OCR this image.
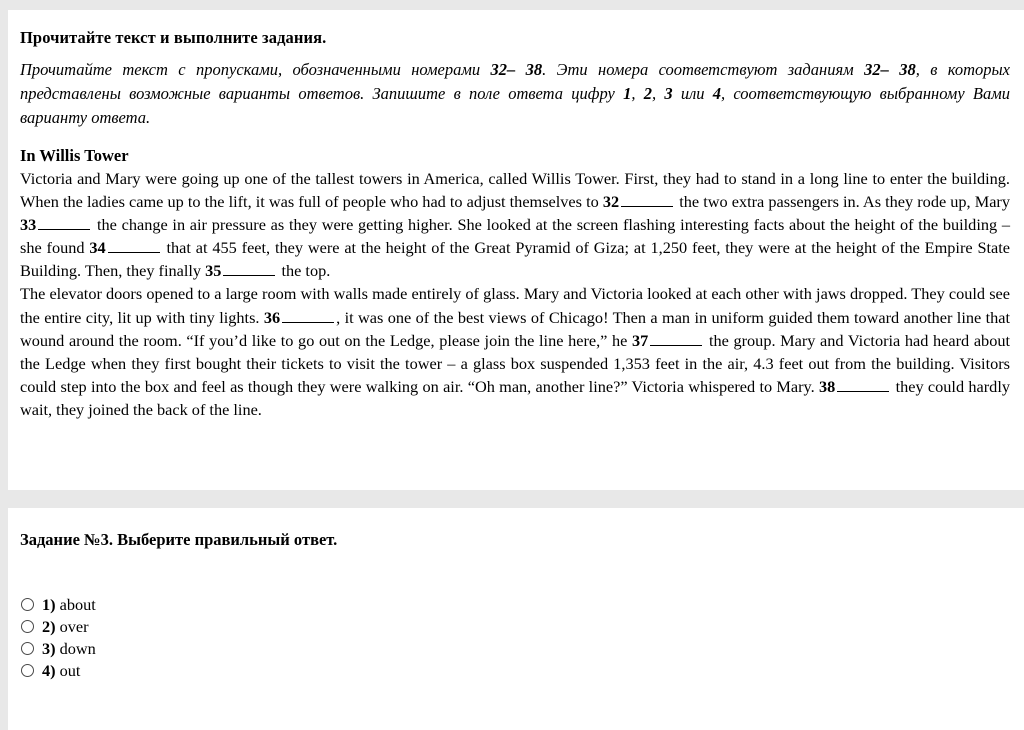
Прочитайте текст и выполните задания.
Прочитайте текст с пропусками, обозначенными номерами 32– 38. Эти номера соответствуют заданиям 32– 38, в которых представлены возможные варианты ответов. Запишите в поле ответа цифру 1, 2, 3 или 4, соответствующую выбранному Вами варианту ответа.
In Willis Tower

Victoria and Mary were going up one of the tallest towers in America, called Willis Tower. First, they had to stand in a long line to enter the building. When the ladies came up to the lift, it was full of people who had to adjust themselves to 32	the two extra passengers in. As they rode up, Mary 33	the change in air pressure as they were getting higher. She looked at the screen flashing interesting facts about the height of the building – she found 34	that at 455 feet, they were at the height of the Great Pyramid of Giza; at 1,250 feet, they were at the height of the Empire State Building. Then, they finally 35	the top.

The elevator doors opened to a large room with walls made entirely of glass. Mary and Victoria looked at each other with jaws dropped. They could see the entire city, lit up with tiny lights. 36	, it was one of the best views of Chicago! Then a man in uniform guided them toward another line that wound around the room. “If you’d like to go out on the Ledge, please join the line here,” he 37	the group. Mary and Victoria had heard about the Ledge when they first bought their tickets to visit the tower – a glass box suspended 1,353 feet in the air, 4.3 feet out from the building. Visitors could step into the box and feel as though they were walking on air. “Oh man, another line?” Victoria whispered to Mary. 38	they could hardly wait, they joined the back of the line.

Задание №3. Выберите правильный ответ.
1) about
2) over
3) down
4) out
